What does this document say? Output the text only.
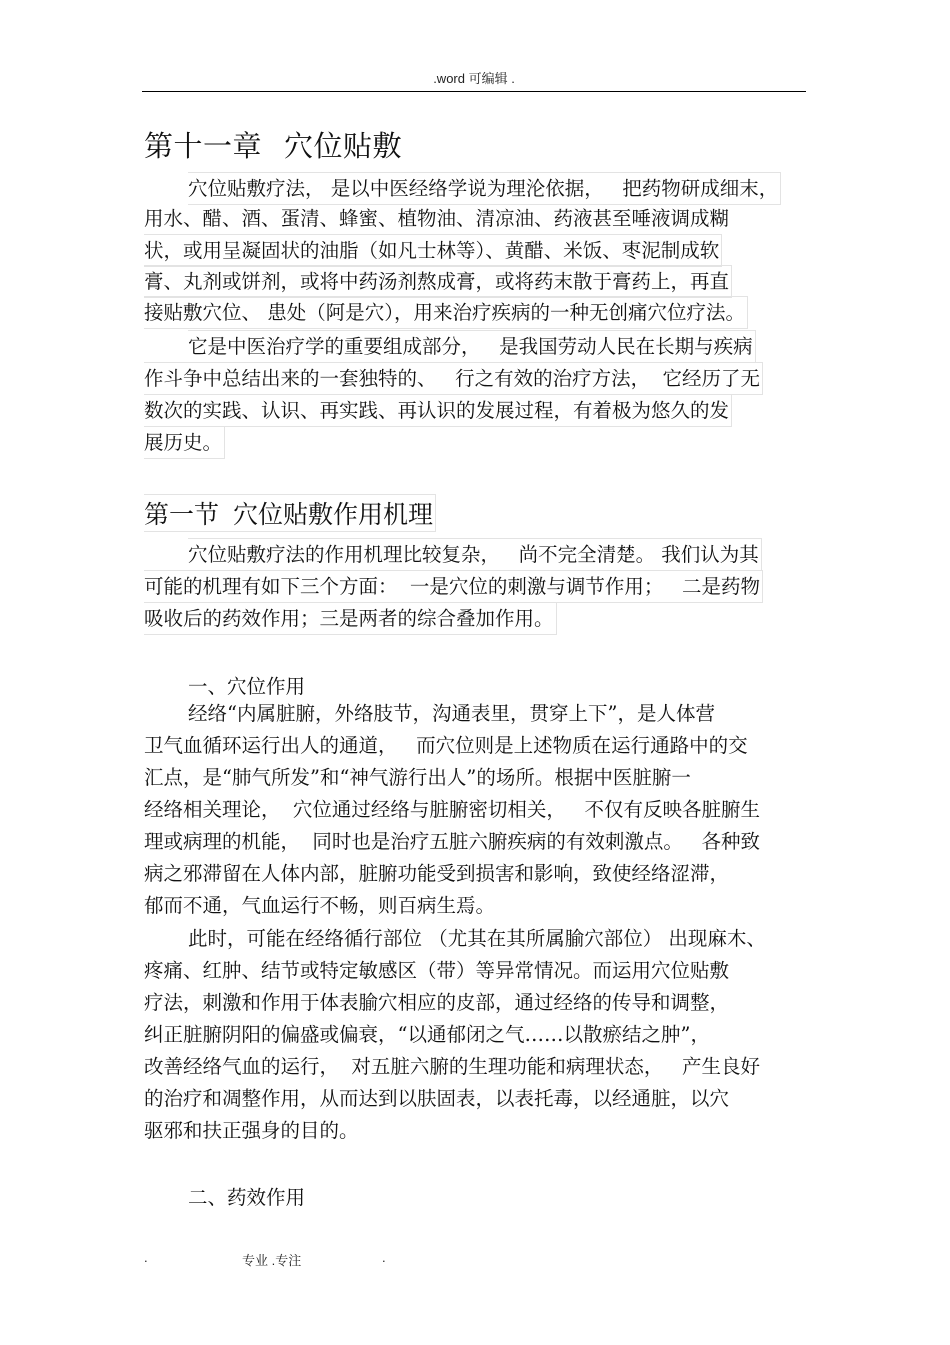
.word 可编辑 .
第十一章 穴位贴敷
穴位贴敷疗法， 是以中医经络学说为理沦依据，   把药物研成细末，
用水、醋、酒、蛋清、蜂蜜、植物油、清凉油、药液甚至唾液调成糊
状，或用呈凝固状的油脂（如凡士林等）、黄醋、米饭、枣泥制成软
膏、丸剂或饼剂，或将中药汤剂熬成膏，或将药末散于膏药上，再直
接贴敷穴位、 患处（阿是穴），用来治疗疾病的一种无创痛穴位疗法。
它是中医治疗学的重要组成部分，   是我国劳动人民在长期与疾病
作斗争中总结出来的一套独特的、   行之有效的治疗方法，  它经历了无
数次的实践、认识、再实践、再认识的发展过程，有着极为悠久的发
展历史。
第一节 穴位贴敷作用机理
穴位贴敷疗法的作用机理比较复杂，   尚不完全清楚。 我们认为其
可能的机理有如下三个方面：  一是穴位的刺激与调节作用；   二是药物
吸收后的药效作用；三是两者的综合叠加作用。
一、穴位作用
经络“内属脏腑，外络肢节，沟通表里，贯穿上下”，是人体营
卫气血循环运行出人的通道，   而穴位则是上述物质在运行通路中的交
汇点，是“肺气所发”和“神气游行出人”的场所。根据中医脏腑一
经络相关理论，  穴位通过经络与脏腑密切相关，   不仅有反映各脏腑生
理或病理的机能，  同时也是治疗五脏六腑疾病的有效刺激点。   各种致
病之邪滞留在人体内部，脏腑功能受到损害和影响，致使经络涩滞，
郁而不通，气血运行不畅，则百病生焉。
此时，可能在经络循行部位 （尤其在其所属腧穴部位） 出现麻木、
疼痛、红肿、结节或特定敏感区（带）等异常情况。而运用穴位贴敷
疗法，刺激和作用于体表腧穴相应的皮部，通过经络的传导和调整，
纠正脏腑阴阳的偏盛或偏衰，“以通郁闭之气……以散瘀结之肿”，
改善经络气血的运行，  对五脏六腑的生理功能和病理状态，   产生良好
的治疗和凋整作用，从而达到以肤固表，以表托毒，以经通脏，以穴
驱邪和扶正强身的目的。
二、药效作用
.	专业 .专注	.
